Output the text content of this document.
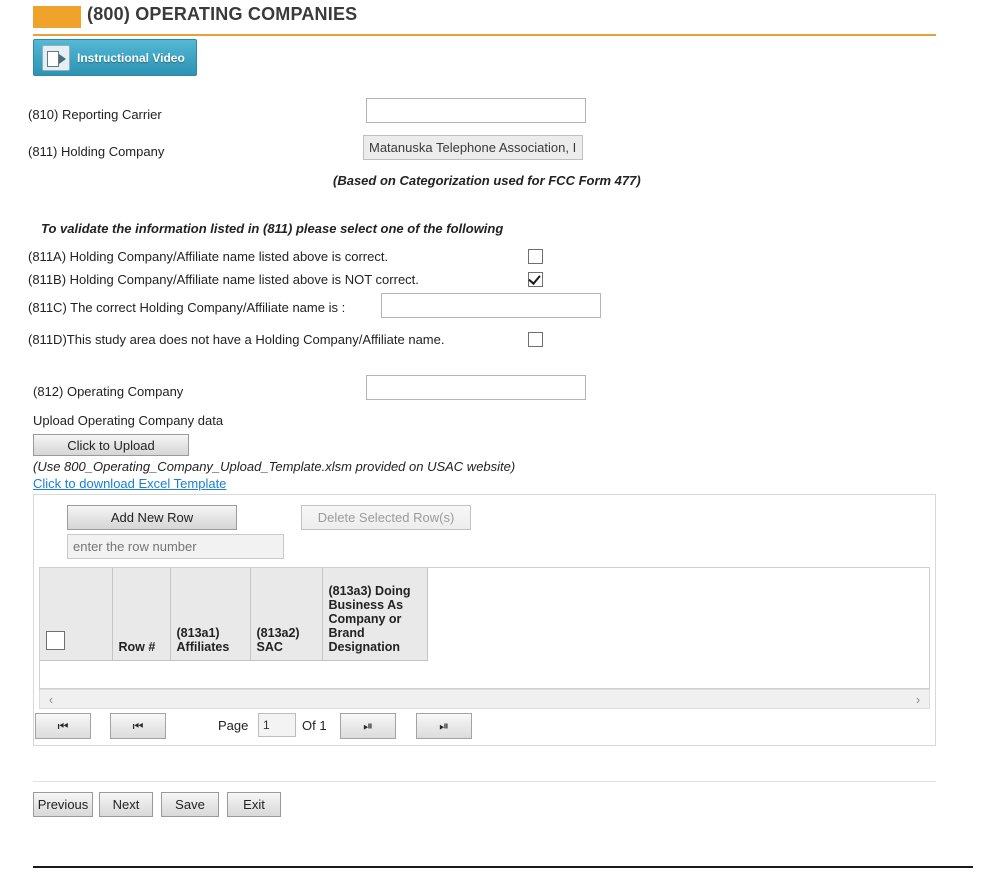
(800) OPERATING COMPANIES
Instructional Video
(810) Reporting Carrier
(811) Holding Company
Matanuska Telephone Association, I
(Based on Categorization used for FCC Form 477)
To validate the information listed in (811) please select one of the following
(811A) Holding Company/Affiliate name listed above is correct.
(811B) Holding Company/Affiliate name listed above is NOT correct.
(811C) The correct Holding Company/Affiliate name is :
(811D)This study area does not have a Holding Company/Affiliate name.
(812) Operating Company
Upload Operating Company data
Click to Upload
(Use 800_Operating_Company_Upload_Template.xlsm provided on USAC website)
Click to download Excel Template
Add New Row	Delete Selected Row(s)
enter the row number
	Row #	(813a1) Affiliates	(813a2) SAC	(813a3) Doing Business As Company or Brand Designation
‹	›
⏮	⏮	Page
1	Of 1	⏯	⏯
Previous	Next	Save	Exit
